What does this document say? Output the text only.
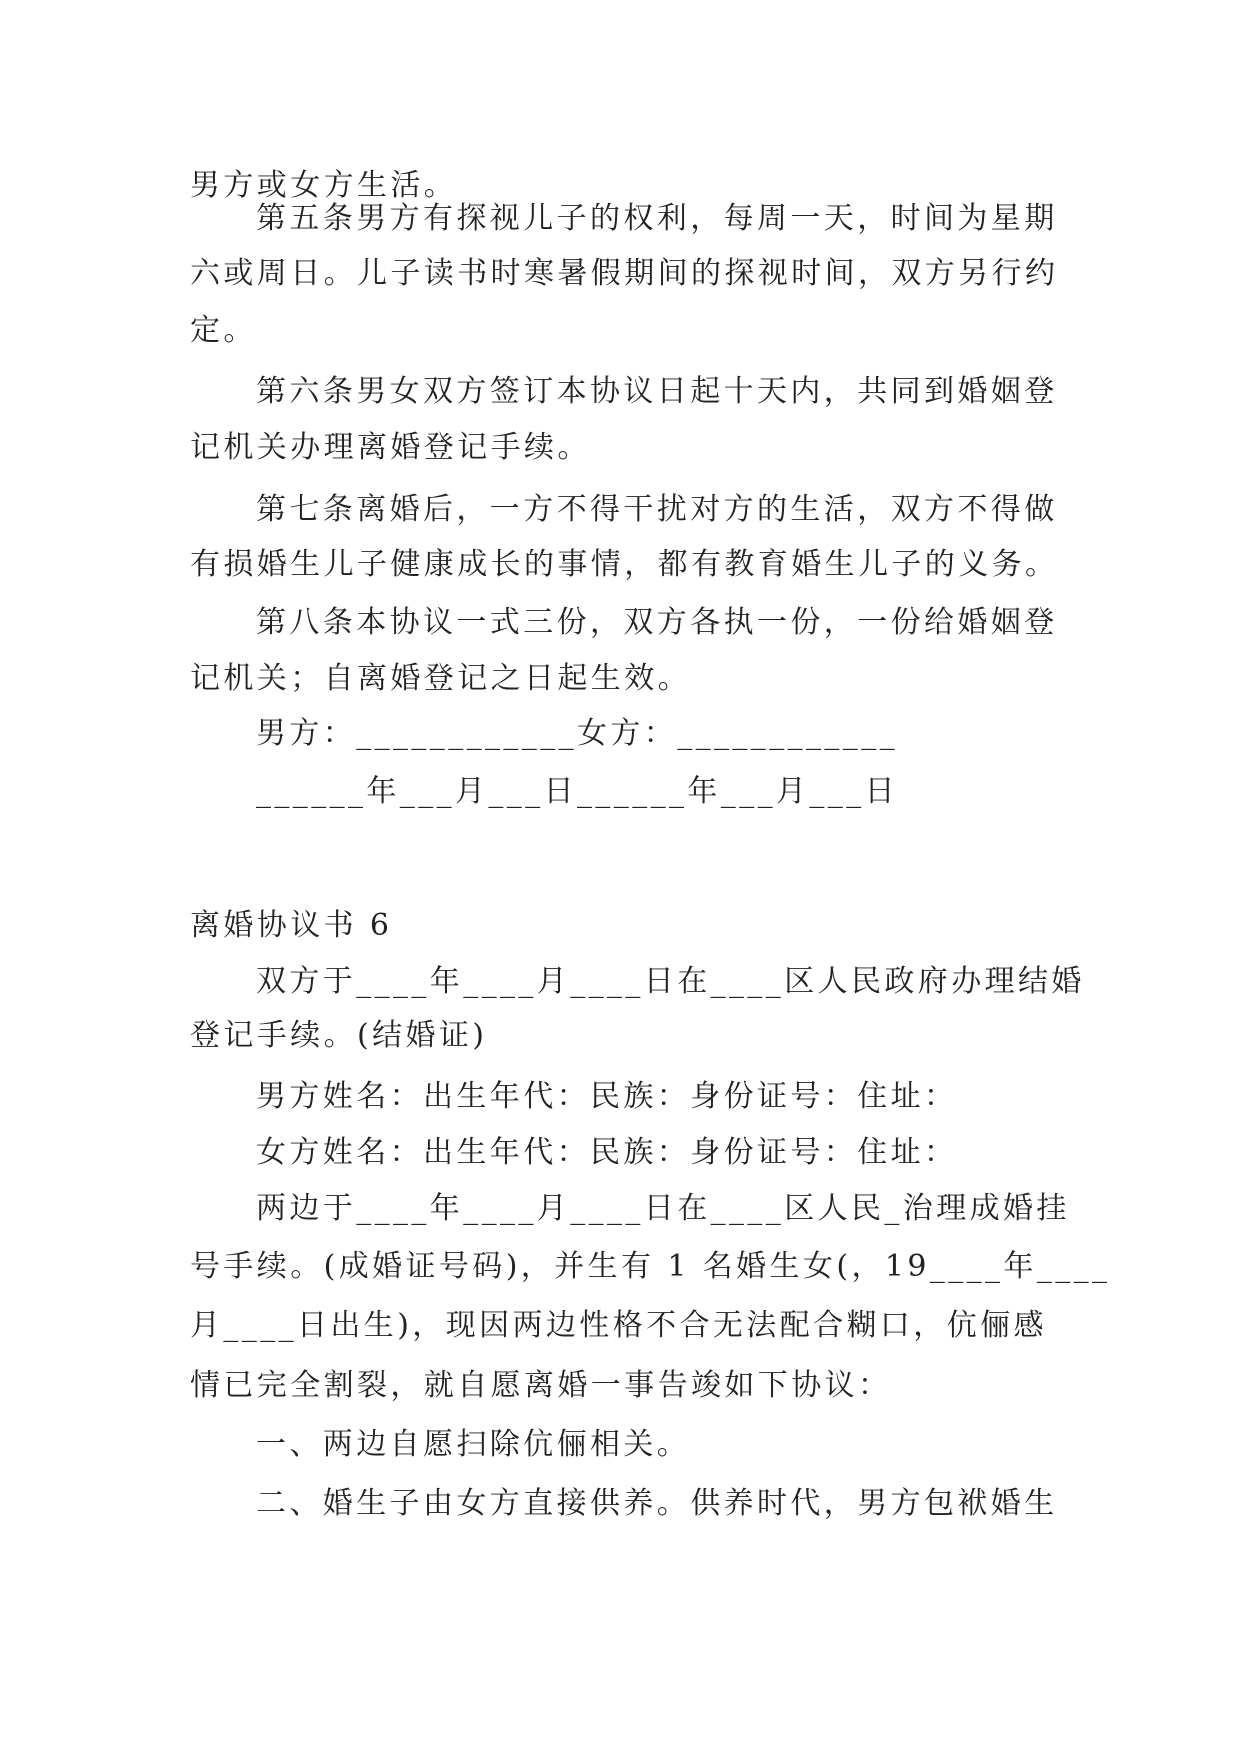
男方或女方生活。
第五条男方有探视儿子的权利，每周一天，时间为星期
六或周日。儿子读书时寒暑假期间的探视时间，双方另行约
定。
第六条男女双方签订本协议日起十天内，共同到婚姻登
记机关办理离婚登记手续。
第七条离婚后，一方不得干扰对方的生活，双方不得做
有损婚生儿子健康成长的事情，都有教育婚生儿子的义务。
第八条本协议一式三份，双方各执一份，一份给婚姻登
记机关；自离婚登记之日起生效。
男方：____________女方：____________
______年___月___日______年___月___日
离婚协议书 6
双方于____年____月____日在____区人民政府办理结婚
登记手续。(结婚证)
男方姓名：出生年代：民族：身份证号：住址：
女方姓名：出生年代：民族：身份证号：住址：
两边于____年____月____日在____区人民_治理成婚挂
号手续。(成婚证号码)，并生有 1 名婚生女(，19____年____
月____日出生)，现因两边性格不合无法配合糊口，伉俪感
情已完全割裂，就自愿离婚一事告竣如下协议：
一、两边自愿扫除伉俪相关。
二、婚生子由女方直接供养。供养时代，男方包袱婚生
